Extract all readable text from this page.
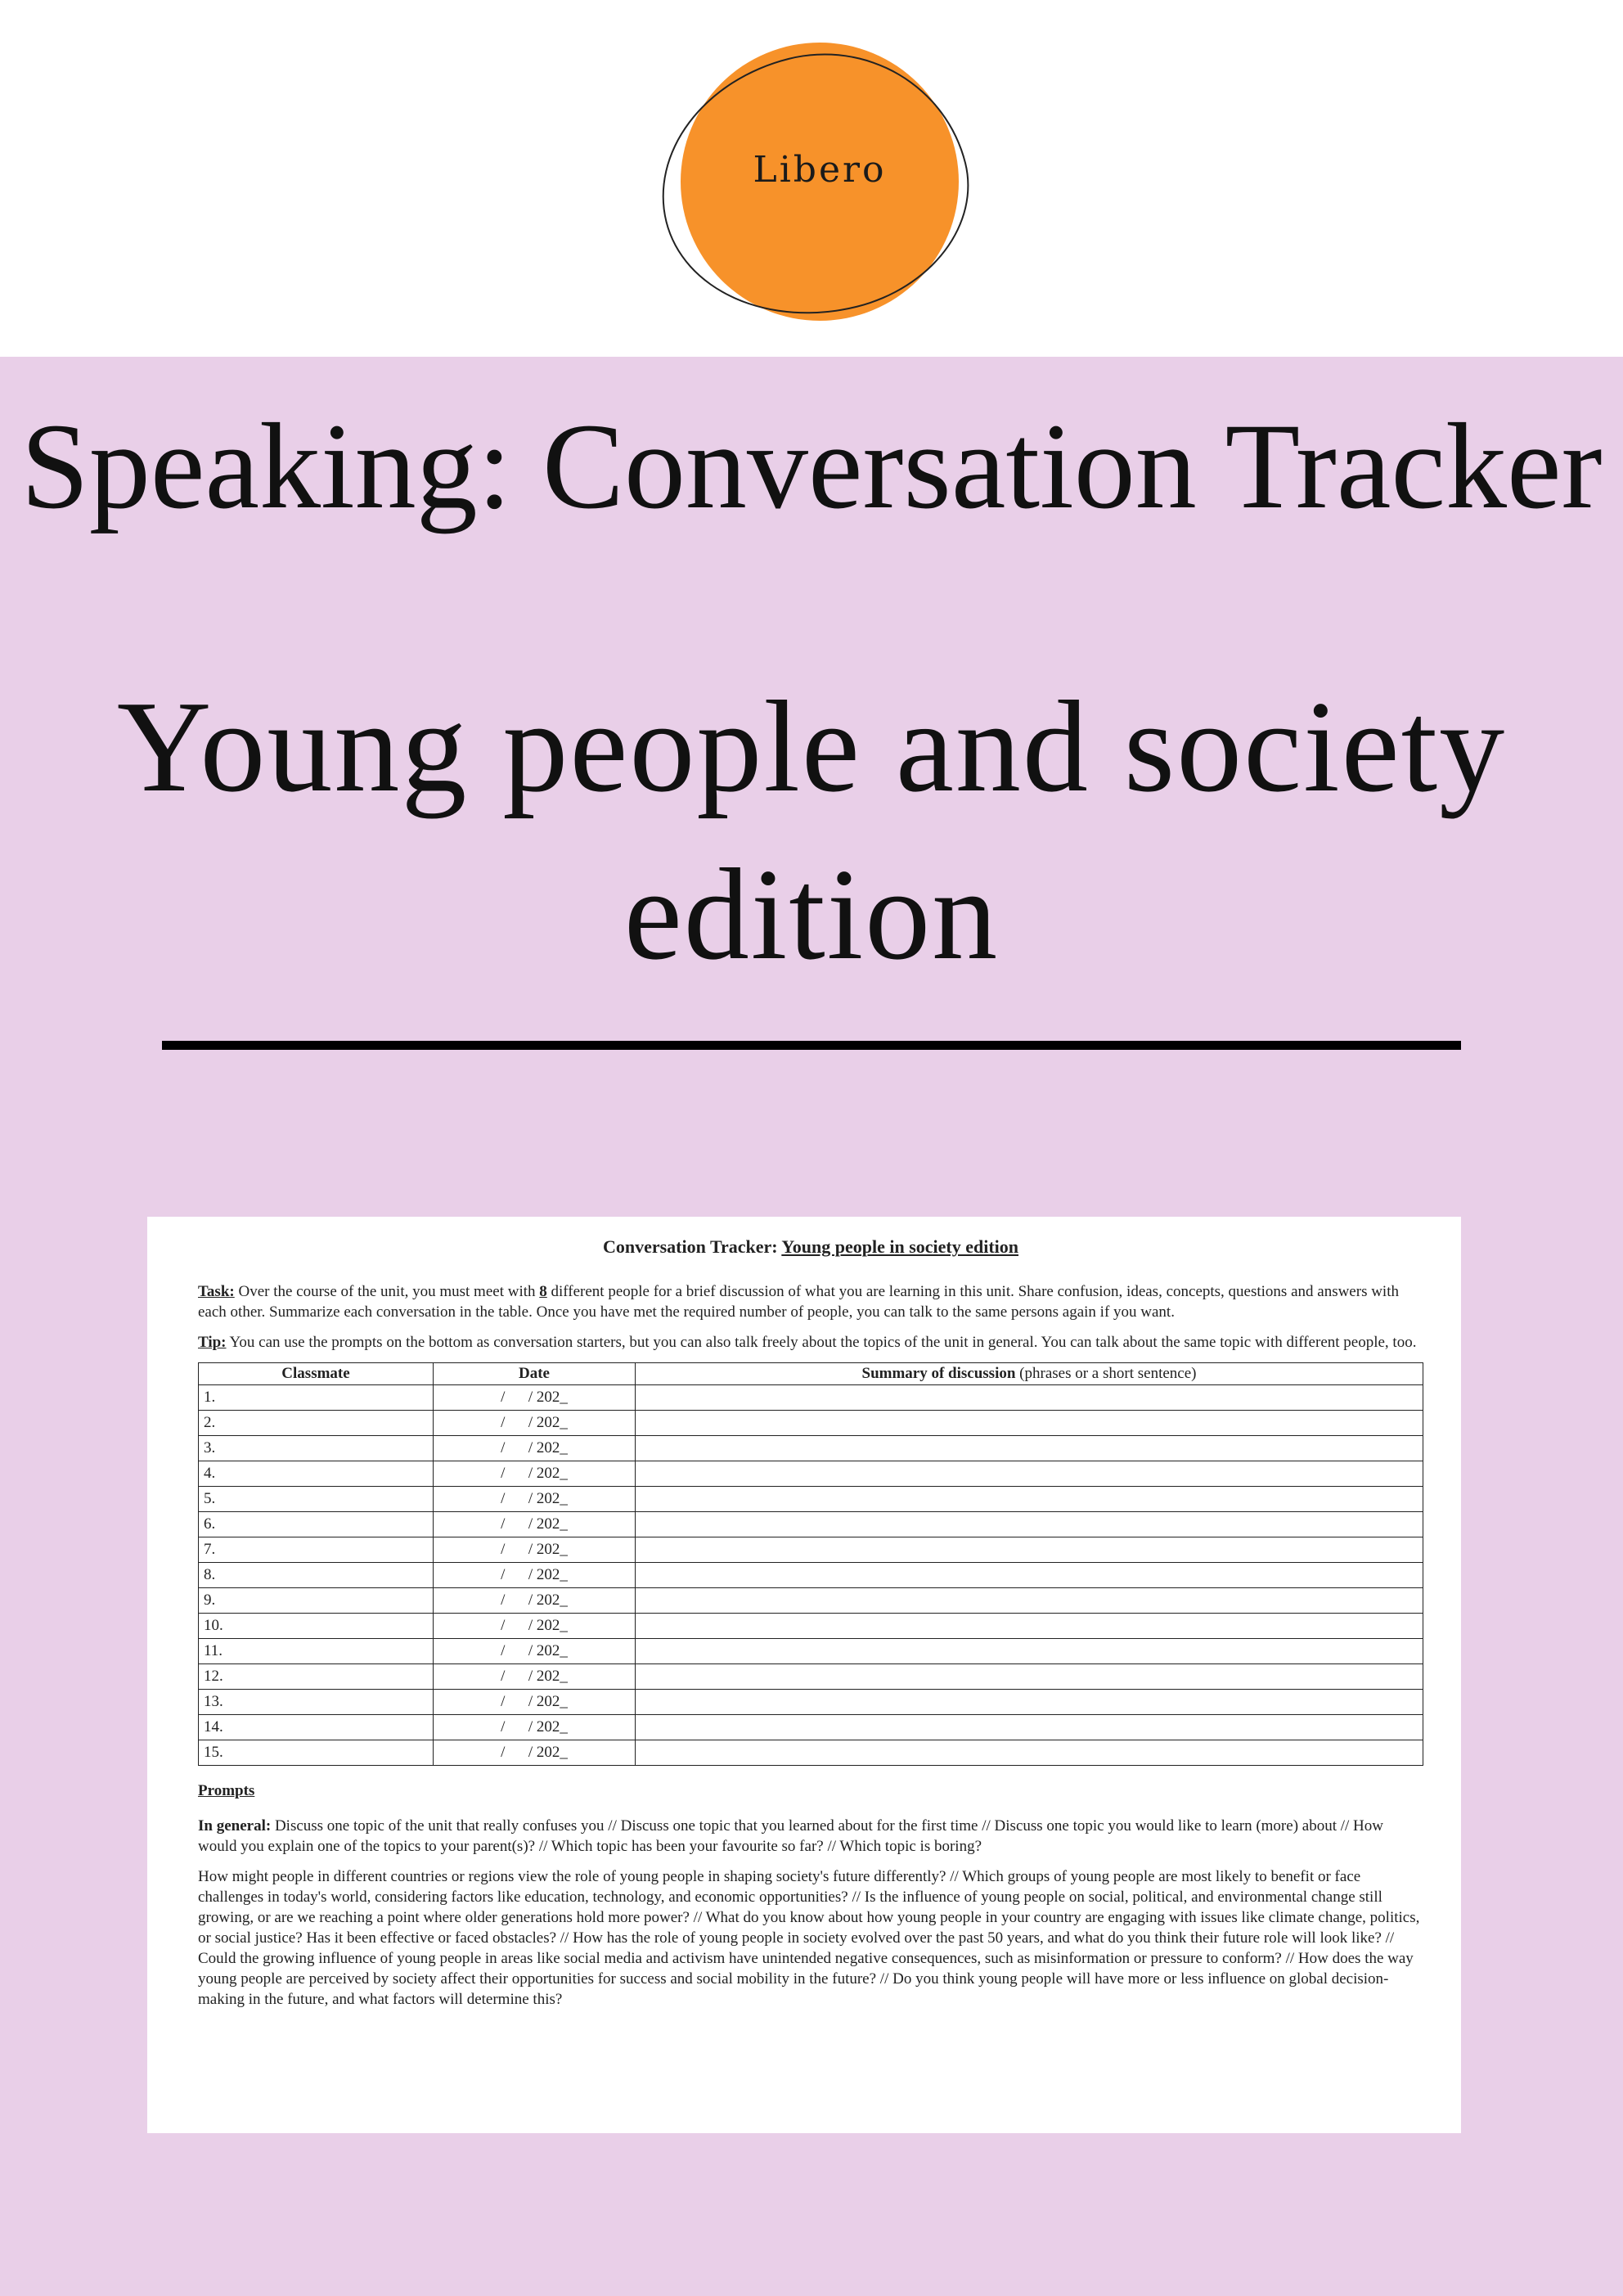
Libero
Speaking: Conversation Tracker
Young people and society edition
Conversation Tracker: Young people in society edition

Task: Over the course of the unit, you must meet with 8 different people for a brief discussion of what you are learning in this unit. Share confusion, ideas, concepts, questions and answers with each other. Summarize each conversation in the table. Once you have met the required number of people, you can talk to the same persons again if you want.

Tip: You can use the prompts on the bottom as conversation starters, but you can also talk freely about the topics of the unit in general. You can talk about the same topic with different people, too.

Classmate	Date	Summary of discussion (phrases or a short sentence)
1.	/      / 202_	
2.	/      / 202_	
3.	/      / 202_	
4.	/      / 202_	
5.	/      / 202_	
6.	/      / 202_	
7.	/      / 202_	
8.	/      / 202_	
9.	/      / 202_	
10.	/      / 202_	
11.	/      / 202_	
12.	/      / 202_	
13.	/      / 202_	
14.	/      / 202_	
15.	/      / 202_	
Prompts

In general: Discuss one topic of the unit that really confuses you // Discuss one topic that you learned about for the first time // Discuss one topic you would like to learn (more) about // How would you explain one of the topics to your parent(s)? // Which topic has been your favourite so far? // Which topic is boring?

How might people in different countries or regions view the role of young people in shaping society's future differently? // Which groups of young people are most likely to benefit or face challenges in today's world, considering factors like education, technology, and economic opportunities? // Is the influence of young people on social, political, and environmental change still growing, or are we reaching a point where older generations hold more power? // What do you know about how young people in your country are engaging with issues like climate change, politics, or social justice? Has it been effective or faced obstacles? // How has the role of young people in society evolved over the past 50 years, and what do you think their future role will look like? // Could the growing influence of young people in areas like social media and activism have unintended negative consequences, such as misinformation or pressure to conform? // How does the way young people are perceived by society affect their opportunities for success and social mobility in the future? // Do you think young people will have more or less influence on global decision-making in the future, and what factors will determine this?
